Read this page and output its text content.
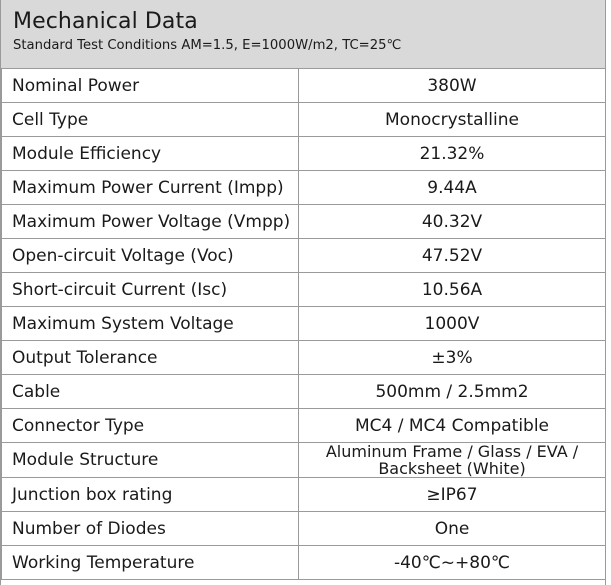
Mechanical Data
Standard Test Conditions AM=1.5, E=1000W/m2, TC=25℃
Nominal Power	380W
Cell Type	Monocrystalline
Module Efficiency	21.32%
Maximum Power Current (Impp)	9.44A
Maximum Power Voltage (Vmpp)	40.32V
Open-circuit Voltage (Voc)	47.52V
Short-circuit Current (Isc)	10.56A
Maximum System Voltage	1000V
Output Tolerance	±3%
Cable	500mm / 2.5mm2
Connector Type	MC4 / MC4 Compatible
Module Structure	Aluminum Frame / Glass / EVA / Backsheet (White)
Junction box rating	≥IP67
Number of Diodes	One
Working Temperature	-40℃~+80℃
